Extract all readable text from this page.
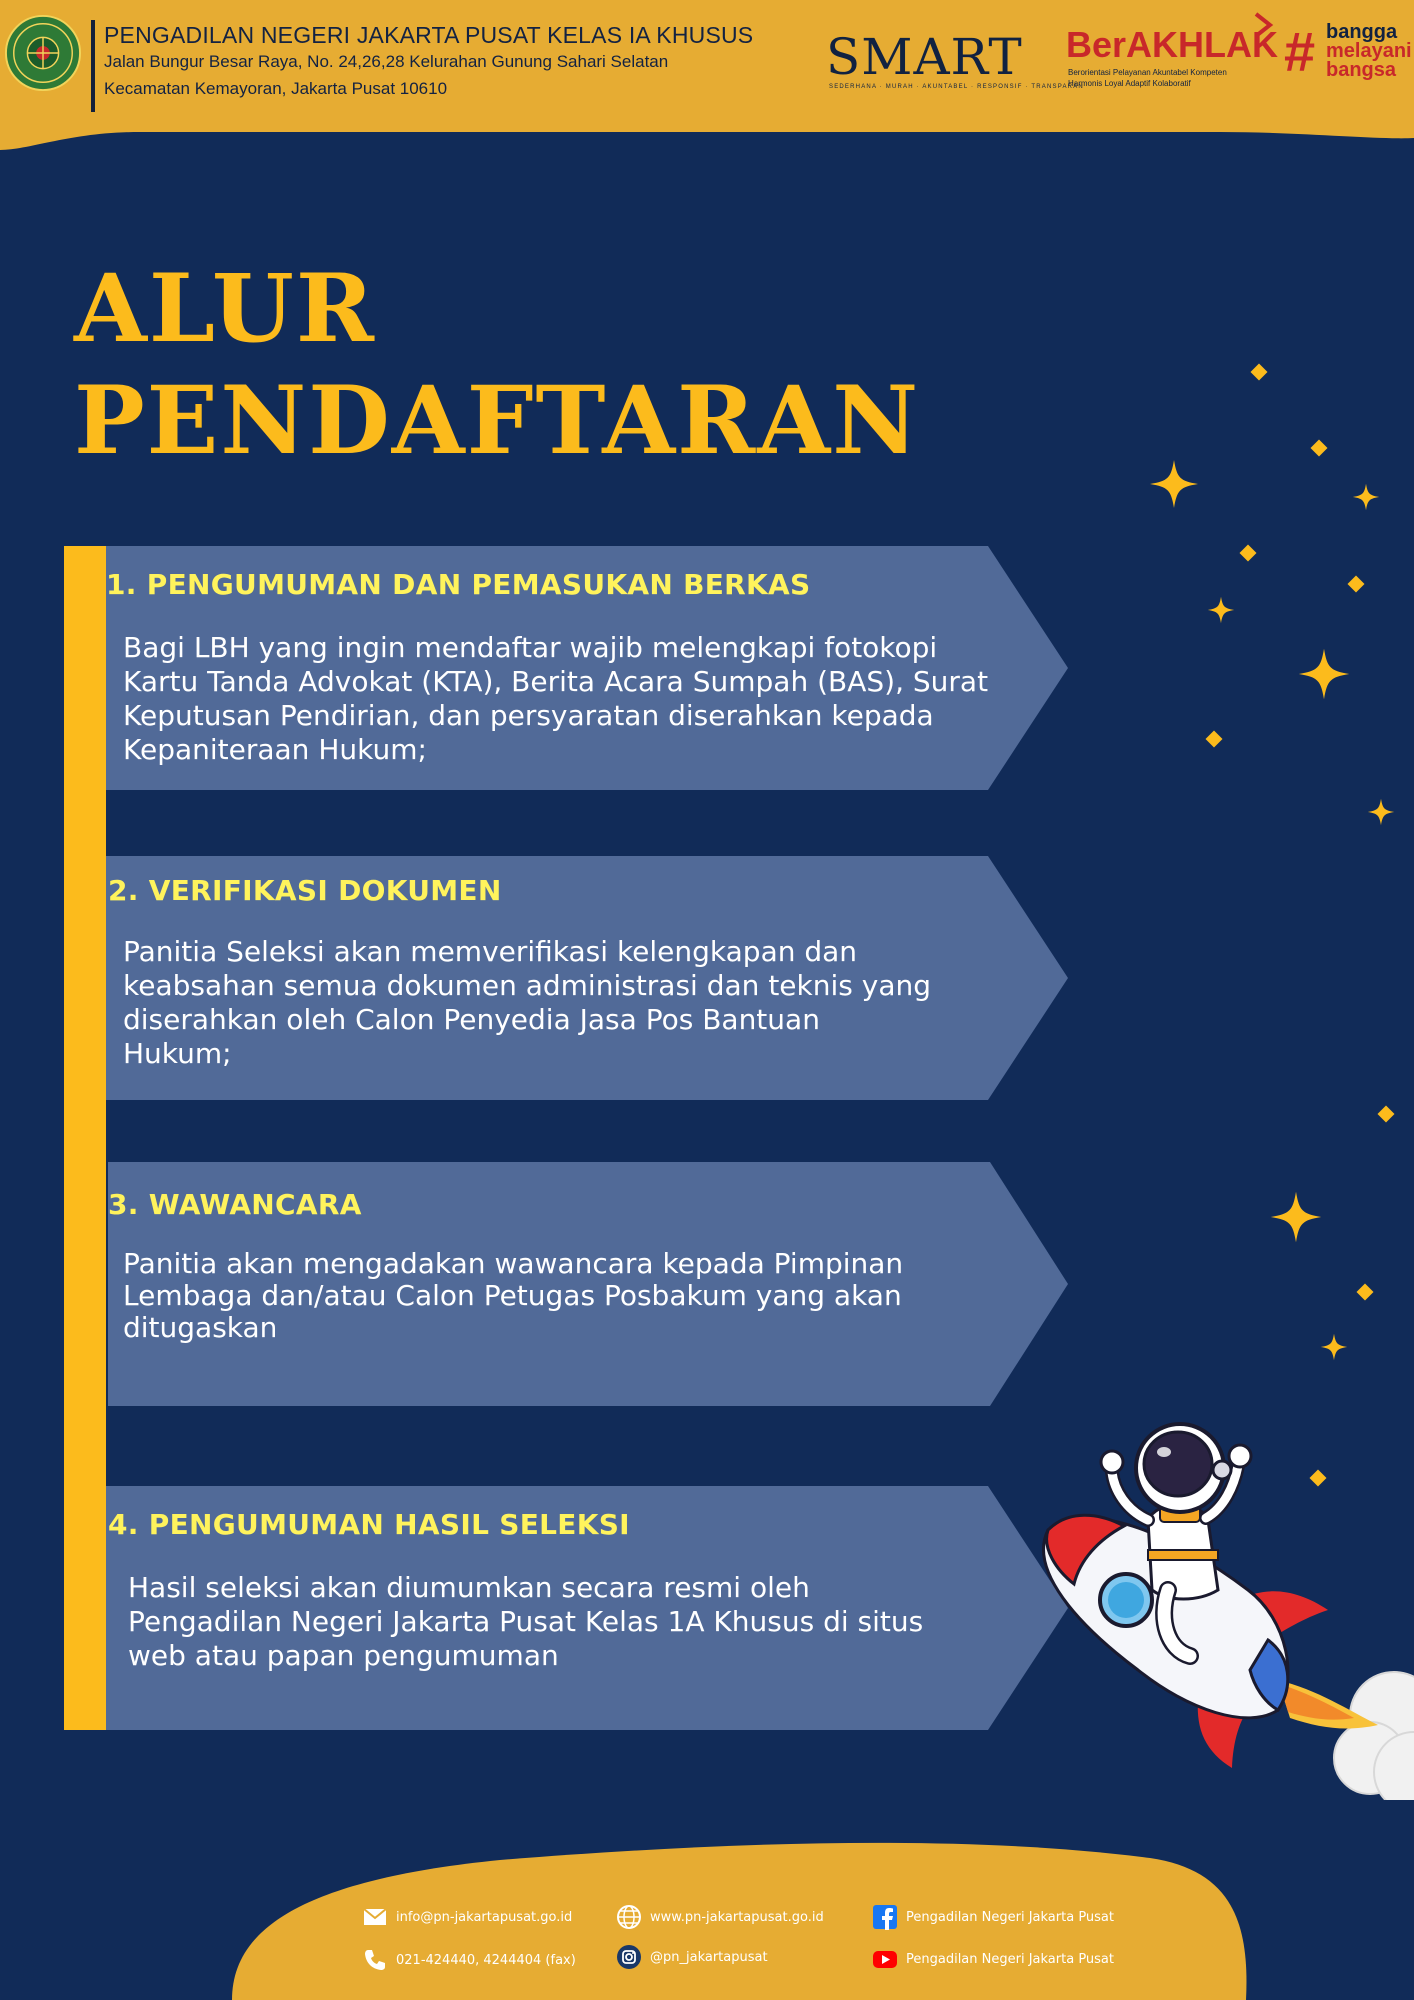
PENGADILAN NEGERI JAKARTA PUSAT KELAS IA KHUSUS
Jalan Bungur Besar Raya, No. 24,26,28 Kelurahan Gunung Sahari Selatan
Kecamatan Kemayoran, Jakarta Pusat 10610
SMART
SEDERHANA · MURAH · AKUNTABEL · RESPONSIF · TRANSPARAN
BerAKHLAK
Berorientasi Pelayanan Akuntabel Kompeten
Harmonis Loyal Adaptif Kolaboratif
# bangga
melayani
bangsa
ALUR
PENDAFTARAN
1. PENGUMUMAN DAN PEMASUKAN BERKAS
Bagi LBH yang ingin mendaftar wajib melengkapi fotokopi
Kartu Tanda Advokat (KTA), Berita Acara Sumpah (BAS), Surat
Keputusan Pendirian, dan persyaratan diserahkan kepada
Kepaniteraan Hukum;
2. VERIFIKASI DOKUMEN
Panitia Seleksi akan memverifikasi kelengkapan dan
keabsahan semua dokumen administrasi dan teknis yang
diserahkan oleh Calon Penyedia Jasa Pos Bantuan
Hukum;
3. WAWANCARA
Panitia akan mengadakan wawancara kepada Pimpinan
Lembaga dan/atau Calon Petugas Posbakum yang akan
ditugaskan
4. PENGUMUMAN HASIL SELEKSI
Hasil seleksi akan diumumkan secara resmi oleh
Pengadilan Negeri Jakarta Pusat Kelas 1A Khusus di situs
web atau papan pengumuman
info@pn-jakartapusat.go.id
021-424440, 4244404 (fax)
www.pn-jakartapusat.go.id
@pn_jakartapusat
Pengadilan Negeri Jakarta Pusat
Pengadilan Negeri Jakarta Pusat
